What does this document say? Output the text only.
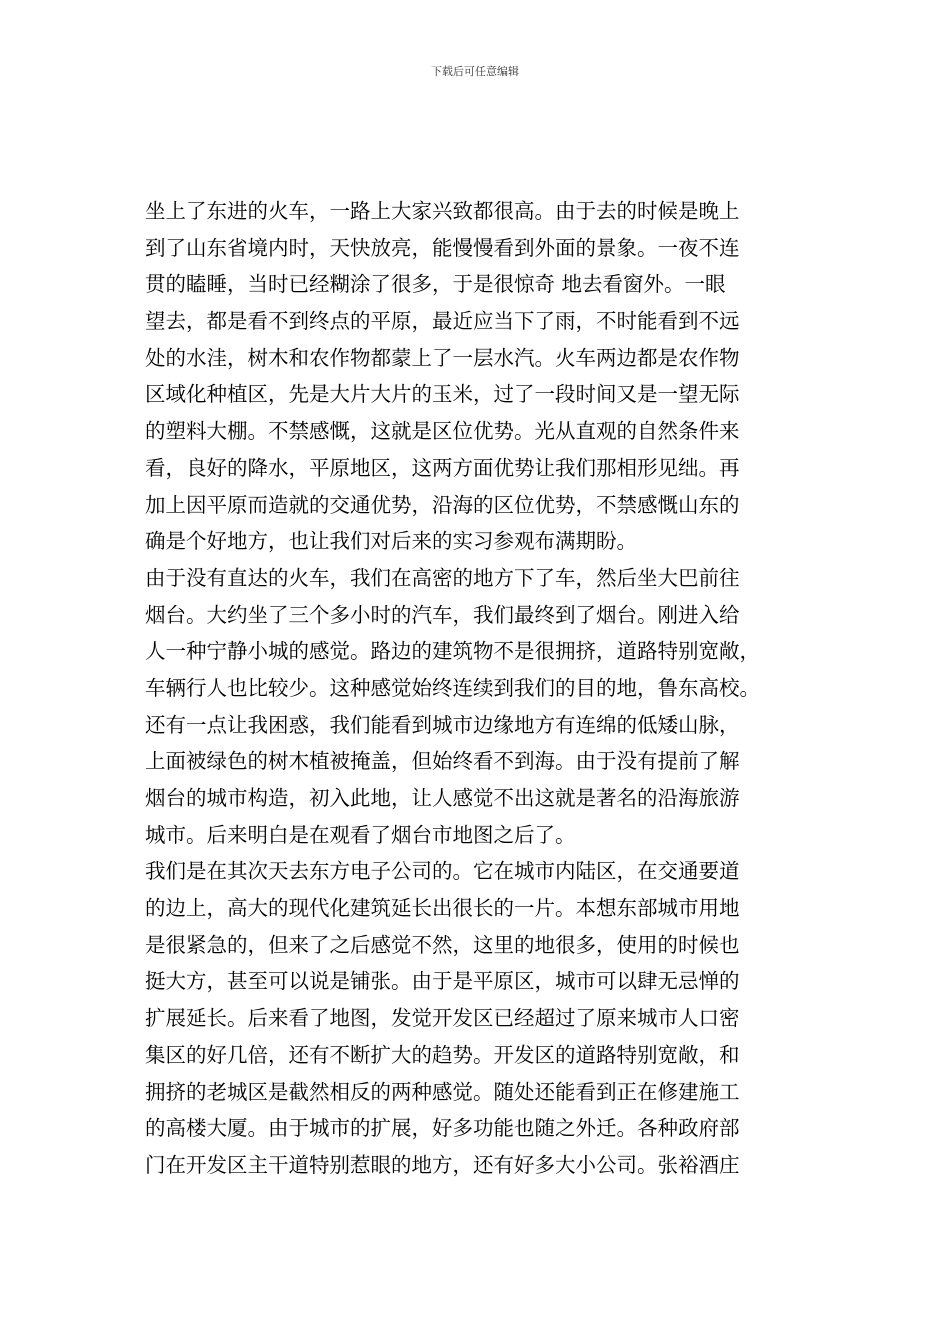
下载后可任意编辑
坐上了东进的火车，一路上大家兴致都很高。由于去的时候是晚上
到了山东省境内时，天快放亮，能慢慢看到外面的景象。一夜不连
贯的瞌睡，当时已经糊涂了很多，于是很惊奇 地去看窗外。一眼
望去，都是看不到终点的平原，最近应当下了雨，不时能看到不远
处的水洼，树木和农作物都蒙上了一层水汽。火车两边都是农作物
区域化种植区，先是大片大片的玉米，过了一段时间又是一望无际
的塑料大棚。不禁感慨，这就是区位优势。光从直观的自然条件来
看，良好的降水，平原地区，这两方面优势让我们那相形见绌。再
加上因平原而造就的交通优势，沿海的区位优势，不禁感慨山东的
确是个好地方，也让我们对后来的实习参观布满期盼。
由于没有直达的火车，我们在高密的地方下了车，然后坐大巴前往
烟台。大约坐了三个多小时的汽车，我们最终到了烟台。刚进入给
人一种宁静小城的感觉。路边的建筑物不是很拥挤，道路特别宽敞，
车辆行人也比较少。这种感觉始终连续到我们的目的地，鲁东高校。
还有一点让我困惑，我们能看到城市边缘地方有连绵的低矮山脉，
上面被绿色的树木植被掩盖，但始终看不到海。由于没有提前了解
烟台的城市构造，初入此地，让人感觉不出这就是著名的沿海旅游
城市。后来明白是在观看了烟台市地图之后了。
我们是在其次天去东方电子公司的。它在城市内陆区，在交通要道
的边上，高大的现代化建筑延长出很长的一片。本想东部城市用地
是很紧急的，但来了之后感觉不然，这里的地很多，使用的时候也
挺大方，甚至可以说是铺张。由于是平原区，城市可以肆无忌惮的
扩展延长。后来看了地图，发觉开发区已经超过了原来城市人口密
集区的好几倍，还有不断扩大的趋势。开发区的道路特别宽敞，和
拥挤的老城区是截然相反的两种感觉。随处还能看到正在修建施工
的高楼大厦。由于城市的扩展，好多功能也随之外迁。各种政府部
门在开发区主干道特别惹眼的地方，还有好多大小公司。张裕酒庄
